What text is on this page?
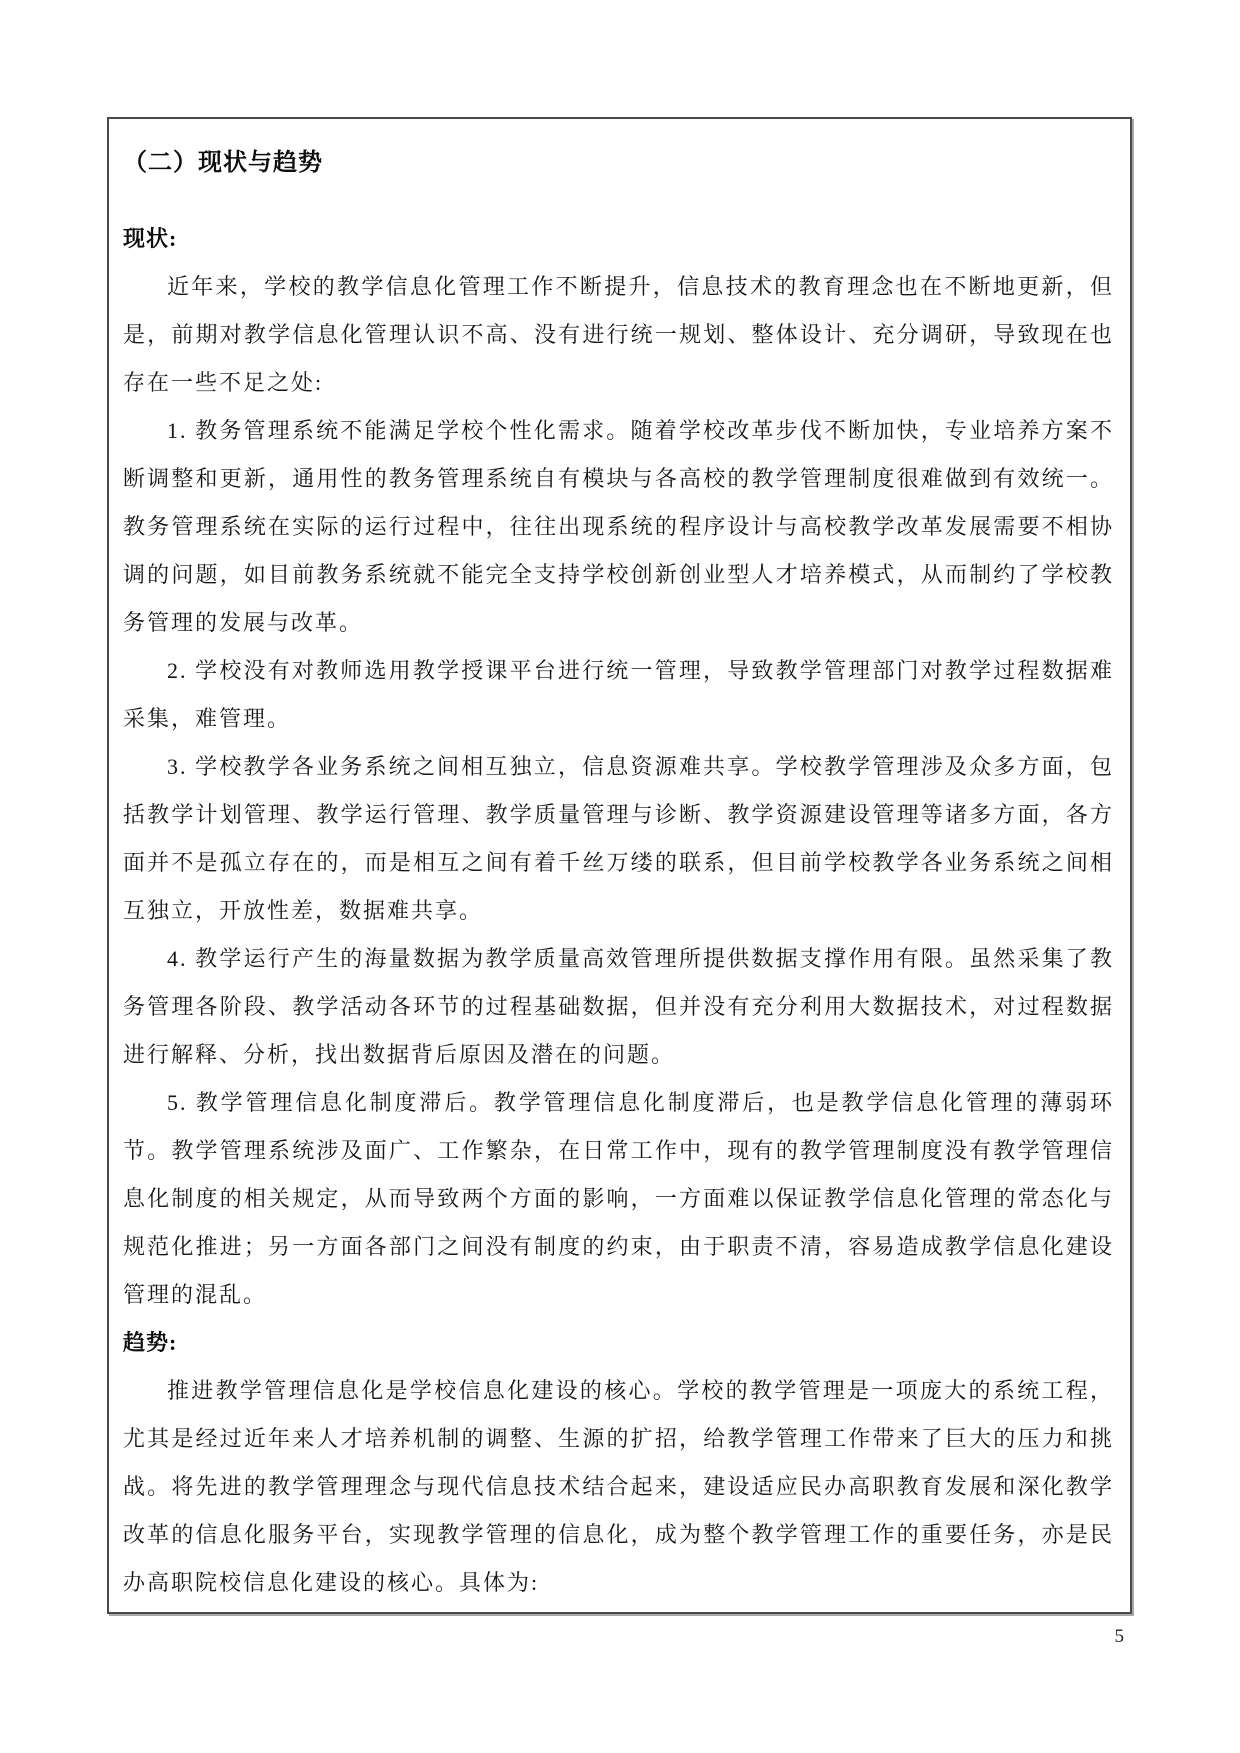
（二）现状与趋势

现状:

近年来，学校的教学信息化管理工作不断提升，信息技术的教育理念也在不断地更新，但是，前期对教学信息化管理认识不高、没有进行统一规划、整体设计、充分调研，导致现在也存在一些不足之处:

1. 教务管理系统不能满足学校个性化需求。随着学校改革步伐不断加快，专业培养方案不断调整和更新，通用性的教务管理系统自有模块与各高校的教学管理制度很难做到有效统一。教务管理系统在实际的运行过程中，往往出现系统的程序设计与高校教学改革发展需要不相协调的问题，如目前教务系统就不能完全支持学校创新创业型人才培养模式，从而制约了学校教务管理的发展与改革。

2. 学校没有对教师选用教学授课平台进行统一管理，导致教学管理部门对教学过程数据难采集，难管理。

3. 学校教学各业务系统之间相互独立，信息资源难共享。学校教学管理涉及众多方面，包括教学计划管理、教学运行管理、教学质量管理与诊断、教学资源建设管理等诸多方面，各方面并不是孤立存在的，而是相互之间有着千丝万缕的联系，但目前学校教学各业务系统之间相互独立，开放性差，数据难共享。

4. 教学运行产生的海量数据为教学质量高效管理所提供数据支撑作用有限。虽然采集了教务管理各阶段、教学活动各环节的过程基础数据，但并没有充分利用大数据技术，对过程数据进行解释、分析，找出数据背后原因及潜在的问题。

5. 教学管理信息化制度滞后。教学管理信息化制度滞后，也是教学信息化管理的薄弱环节。教学管理系统涉及面广、工作繁杂，在日常工作中，现有的教学管理制度没有教学管理信息化制度的相关规定，从而导致两个方面的影响，一方面难以保证教学信息化管理的常态化与规范化推进；另一方面各部门之间没有制度的约束，由于职责不清，容易造成教学信息化建设管理的混乱。

趋势:

推进教学管理信息化是学校信息化建设的核心。学校的教学管理是一项庞大的系统工程，尤其是经过近年来人才培养机制的调整、生源的扩招，给教学管理工作带来了巨大的压力和挑战。将先进的教学管理理念与现代信息技术结合起来，建设适应民办高职教育发展和深化教学改革的信息化服务平台，实现教学管理的信息化，成为整个教学管理工作的重要任务，亦是民办高职院校信息化建设的核心。具体为:

5
